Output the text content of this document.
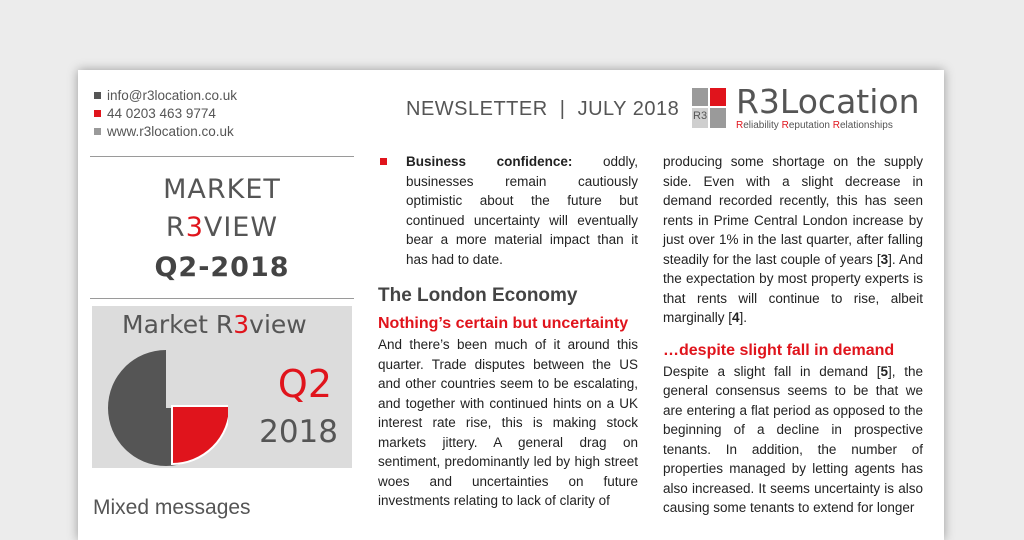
info@r3location.co.uk
44 0203 463 9774
www.r3location.co.uk
MARKET
R3VIEW
Q2-2018
Market R3view
Q2
2018
Mixed messages
NEWSLETTER  |  JULY 2018 R3 R3Location
Reliability Reputation Relationships

Business confidence: oddly, businesses remain cautiously optimistic about the future but continued uncertainty will eventually bear a more material impact than it has had to date.

The London Economy
Nothing’s certain but uncertainty

And there’s been much of it around this quarter. Trade disputes between the US and other countries seem to be escalating, and together with continued hints on a UK interest rate rise, this is making stock markets jittery. A general drag on sentiment, predominantly led by high street woes and uncertainties on future investments relating to lack of clarity of

producing some shortage on the supply side. Even with a slight decrease in demand recorded recently, this has seen rents in Prime Central London increase by just over 1% in the last quarter, after falling steadily for the last couple of years [3]. And the expectation by most property experts is that rents will continue to rise, albeit marginally [4].

…despite slight fall in demand

Despite a slight fall in demand [5], the general consensus seems to be that we are entering a flat period as opposed to the beginning of a decline in prospective tenants. In addition, the number of properties managed by letting agents has also increased. It seems uncertainty is also causing some tenants to extend for longer
